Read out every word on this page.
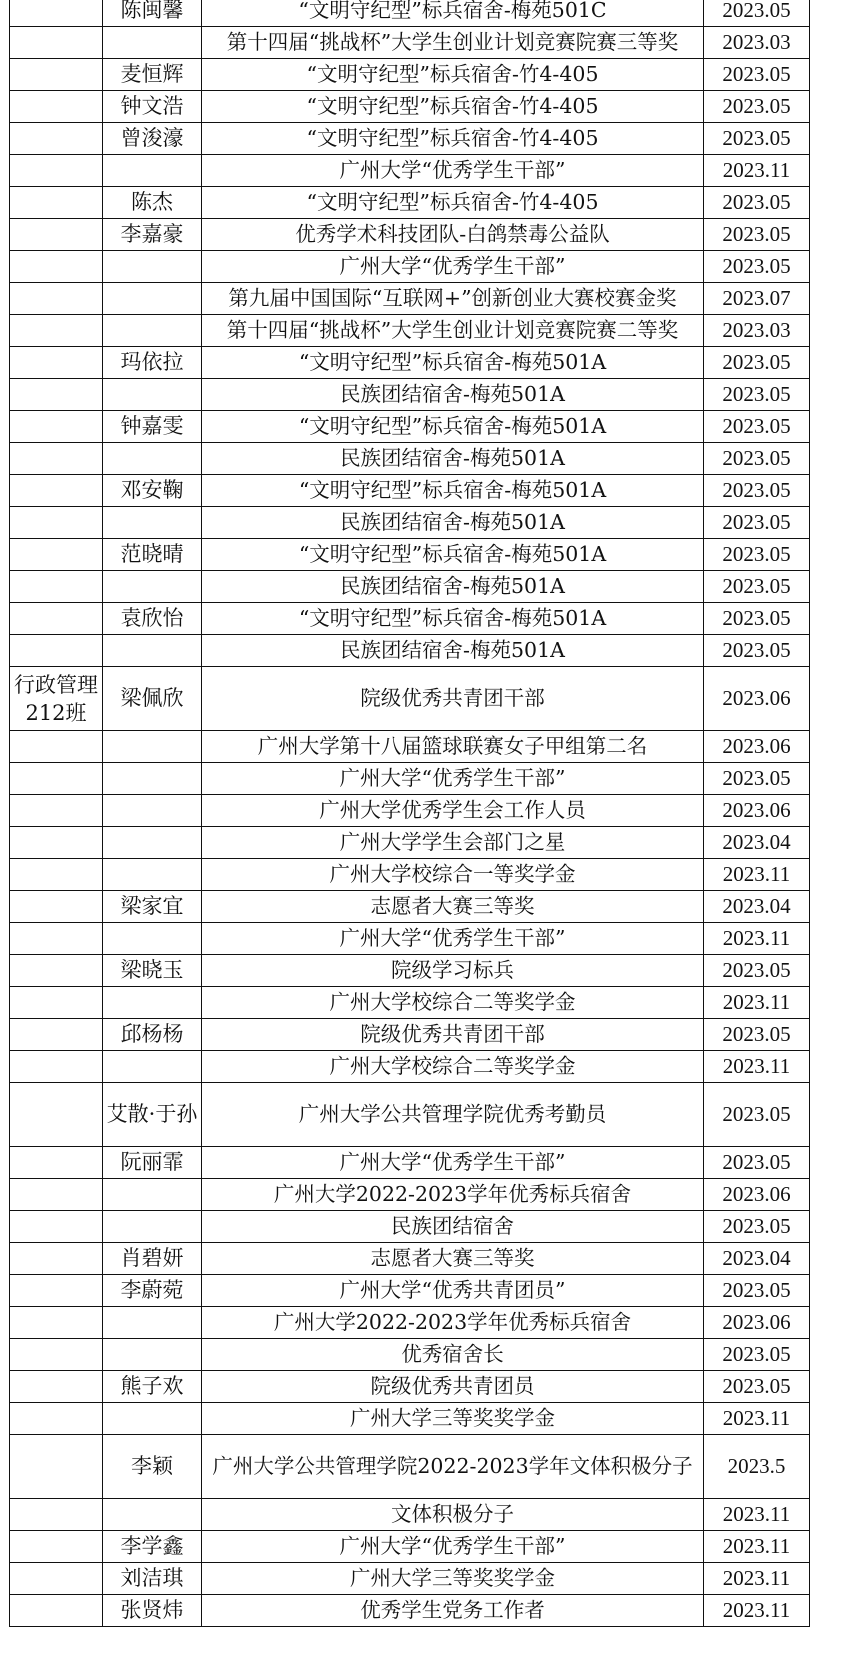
	陈闽馨	“文明守纪型”标兵宿舍-梅苑501C	2023.05
		第十四届“挑战杯”大学生创业计划竞赛院赛三等奖	2023.03
	麦恒辉	“文明守纪型”标兵宿舍-竹4-405	2023.05
	钟文浩	“文明守纪型”标兵宿舍-竹4-405	2023.05
	曾浚濠	“文明守纪型”标兵宿舍-竹4-405	2023.05
		广州大学“优秀学生干部”	2023.11
	陈杰	“文明守纪型”标兵宿舍-竹4-405	2023.05
	李嘉豪	优秀学术科技团队-白鸽禁毒公益队	2023.05
		广州大学“优秀学生干部”	2023.05
		第九届中国国际“互联网+”创新创业大赛校赛金奖	2023.07
		第十四届“挑战杯”大学生创业计划竞赛院赛二等奖	2023.03
	玛依拉	“文明守纪型”标兵宿舍-梅苑501A	2023.05
		民族团结宿舍-梅苑501A	2023.05
	钟嘉雯	“文明守纪型”标兵宿舍-梅苑501A	2023.05
		民族团结宿舍-梅苑501A	2023.05
	邓安鞠	“文明守纪型”标兵宿舍-梅苑501A	2023.05
		民族团结宿舍-梅苑501A	2023.05
	范晓晴	“文明守纪型”标兵宿舍-梅苑501A	2023.05
		民族团结宿舍-梅苑501A	2023.05
	袁欣怡	“文明守纪型”标兵宿舍-梅苑501A	2023.05
		民族团结宿舍-梅苑501A	2023.05
行政管理212班	梁佩欣	院级优秀共青团干部	2023.06
		广州大学第十八届篮球联赛女子甲组第二名	2023.06
		广州大学“优秀学生干部”	2023.05
		广州大学优秀学生会工作人员	2023.06
		广州大学学生会部门之星	2023.04
		广州大学校综合一等奖学金	2023.11
	梁家宜	志愿者大赛三等奖	2023.04
		广州大学“优秀学生干部”	2023.11
	梁晓玉	院级学习标兵	2023.05
		广州大学校综合二等奖学金	2023.11
	邱杨杨	院级优秀共青团干部	2023.05
		广州大学校综合二等奖学金	2023.11
	艾散·于孙	广州大学公共管理学院优秀考勤员	2023.05
	阮丽霏	广州大学“优秀学生干部”	2023.05
		广州大学2022-2023学年优秀标兵宿舍	2023.06
		民族团结宿舍	2023.05
	肖碧妍	志愿者大赛三等奖	2023.04
	李蔚菀	广州大学“优秀共青团员”	2023.05
		广州大学2022-2023学年优秀标兵宿舍	2023.06
		优秀宿舍长	2023.05
	熊子欢	院级优秀共青团员	2023.05
		广州大学三等奖奖学金	2023.11
	李颖	广州大学公共管理学院2022-2023学年文体积极分子	2023.5
		文体积极分子	2023.11
	李学鑫	广州大学“优秀学生干部”	2023.11
	刘洁琪	广州大学三等奖奖学金	2023.11
	张贤炜	优秀学生党务工作者	2023.11
